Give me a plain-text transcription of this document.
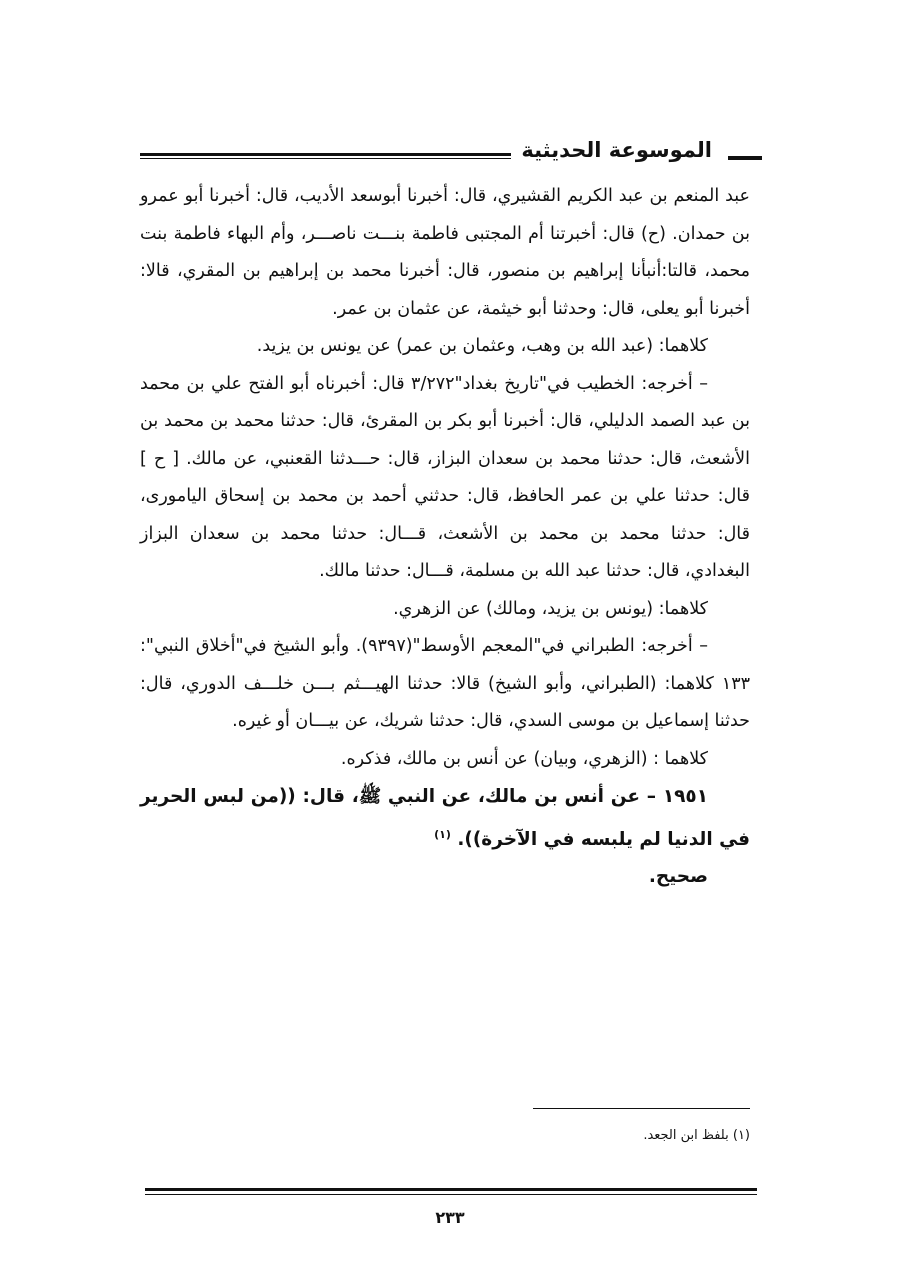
الموسوعة الحديثية

عبد المنعم بن عبد الكريم القشيري، قال: أخبرنا أبوسعد الأديب، قال: أخبرنا أبو عمرو بن حمدان. (ح) قال: أخبرتنا أم المجتبى فاطمة بنـــت ناصـــر، وأم البهاء فاطمة بنت محمد، قالتا:أنبأنا إبراهيم بن منصور، قال: أخبرنا محمد بن إبراهيم بن المقري، قالا: أخبرنا أبو يعلى، قال: وحدثنا أبو خيثمة، عن عثمان بن عمر.

كلاهما: (عبد الله بن وهب، وعثمان بن عمر) عن يونس بن يزيد.

– أخرجه: الخطيب في"تاريخ بغداد"٣/٢٧٢ قال: أخبرناه أبو الفتح علي بن محمد بن عبد الصمد الدليلي، قال: أخبرنا أبو بكر بن المقرئ، قال: حدثنا محمد بن محمد بن الأشعث، قال: حدثنا محمد بن سعدان البزاز، قال: حـــدثنا القعنبي، عن مالك. [ ح ] قال: حدثنا علي بن عمر الحافظ، قال: حدثني أحمد بن محمد بن إسحاق اليامورى، قال: حدثنا محمد بن محمد بن الأشعث، قـــال: حدثنا محمد بن سعدان البزاز البغدادي، قال: حدثنا عبد الله بن مسلمة، قـــال: حدثنا مالك.

كلاهما: (يونس بن يزيد، ومالك) عن الزهري.

– أخرجه: الطبراني في"المعجم الأوسط"(٩٣٩٧). وأبو الشيخ في"أخلاق النبي": ١٣٣ كلاهما: (الطبراني، وأبو الشيخ) قالا: حدثنا الهيـــثم بـــن خلـــف الدوري، قال: حدثنا إسماعيل بن موسى السدي، قال: حدثنا شريك، عن بيـــان أو غيره.

كلاهما : (الزهري، وبيان) عن أنس بن مالك، فذكره.

١٩٥١ – عن أنس بن مالك، عن النبي ﷺ، قال: ((من لبس الحرير في الدنيا لم يلبسه في الآخرة)). $^{(١)}$

صحيح.

(١) بلفظ ابن الجعد.
٢٣٣
